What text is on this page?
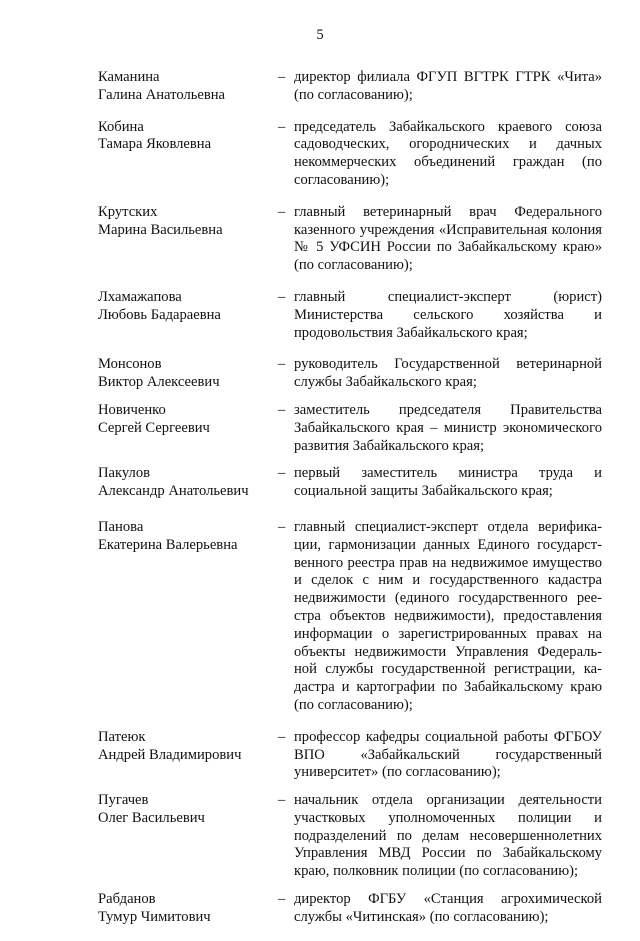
5
Каманина
Галина Анатольевна
– директор филиала ФГУП ВГТРК ГТРК «Чита» (по согласованию);
Кобина
Тамара Яковлевна
– председатель Забайкальского краевого союза садоводческих, огороднических и дачных некоммерческих объединений граждан (по согласованию);
Крутских
Марина Васильевна
– главный ветеринарный врач Федерального казенного учреждения «Исправительная колония № 5 УФСИН России по Забайкальскому краю» (по согласованию);
Лхамажапова
Любовь Бадараевна
– главный специалист-эксперт (юрист) Министерства сельского хозяйства и продовольствия Забайкальского края;
Монсонов
Виктор Алексеевич
– руководитель Государственной ветеринарной службы Забайкальского края;
Новиченко
Сергей Сергеевич
– заместитель председателя Правительства Забайкальского края – министр экономического развития Забайкальского края;
Пакулов
Александр Анатольевич
– первый заместитель министра труда и социальной защиты Забайкальского края;
Панова
Екатерина Валерьевна
– главный специалист-эксперт отдела верификации, гармонизации данных Единого государственного реестра прав на недвижимое имущество и сделок с ним и государственного кадастра недвижимости (единого государственного реестра объектов недвижимости), предоставления информации о зарегистрированных правах на объекты недвижимости Управления Федеральной службы государственной регистрации, кадастра и картографии по Забайкальскому краю (по согласованию);
Патеюк
Андрей Владимирович
– профессор кафедры социальной работы ФГБОУ ВПО «Забайкальский государственный университет» (по согласованию);
Пугачев
Олег Васильевич
– начальник отдела организации деятельности участковых уполномоченных полиции и подразделений по делам несовершеннолетних Управления МВД России по Забайкальскому краю, полковник полиции (по согласованию);
Рабданов
Тумур Чимитович
– директор ФГБУ «Станция агрохимической службы «Читинская» (по согласованию);
